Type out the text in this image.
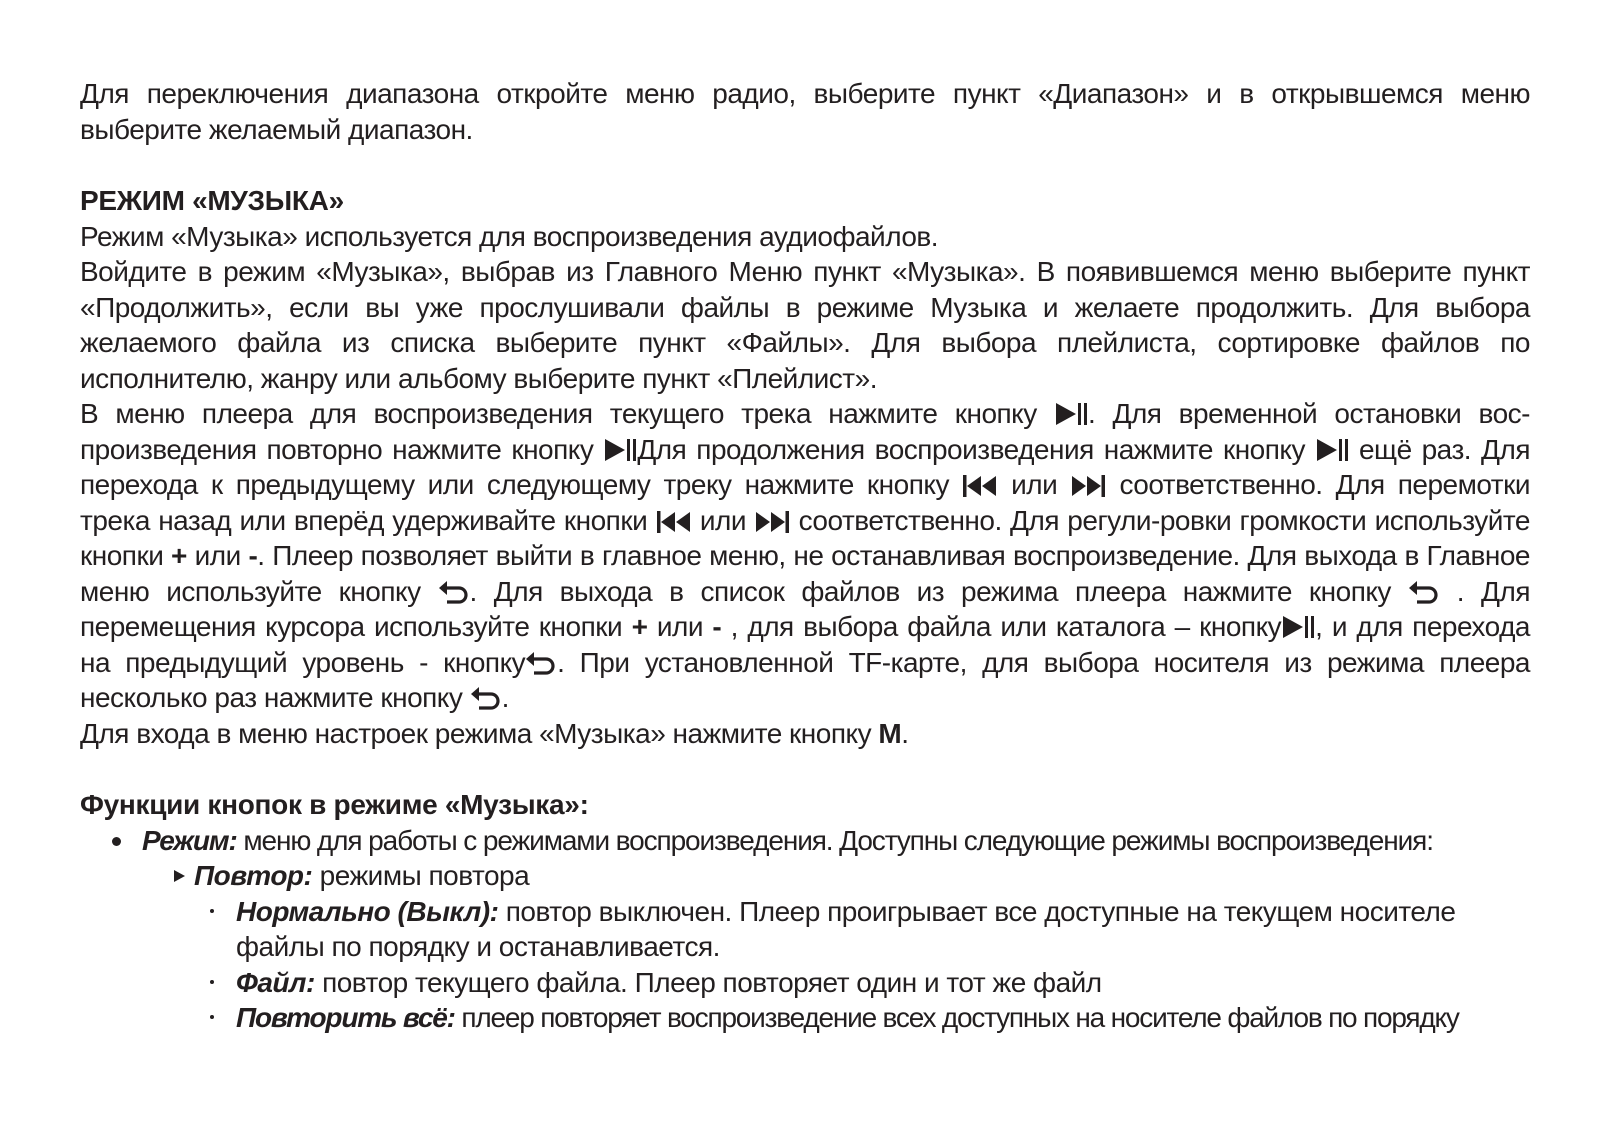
Для переключения диапазона откройте меню радио, выберите пункт «Диапазон» и в открывшемся меню выберите желаемый диапазон.

РЕЖИМ «МУЗЫКА»

Режим «Музыка» используется для воспроизведения аудиофайлов.

Войдите в режим «Музыка», выбрав из Главного Меню пункт «Музыка». В появившемся меню выберите пункт «Продолжить», если вы уже прослушивали файлы в режиме Музыка и желаете продолжить. Для выбора желаемого файла из списка выберите пункт «Файлы». Для выбора плейлиста, сортировке файлов по исполнителю, жанру или альбому выберите пункт «Плейлист».

В меню плеера для воспроизведения текущего трека нажмите кнопку . Для временной остановки вос-произведения повторно нажмите кнопку Для продолжения воспроизведения нажмите кнопку ещё раз. Для перехода к предыдущему или следующему треку нажмите кнопку или соответственно. Для перемотки трека назад или вперёд удерживайте кнопки или соответственно. Для регули-ровки громкости используйте кнопки + или -. Плеер позволяет выйти в главное меню, не останавливая воспроизведение. Для выхода в Главное меню используйте кнопку . Для выхода в список файлов из режима плеера нажмите кнопку . Для перемещения курсора используйте кнопки + или - , для выбора файла или каталога – кнопку , и для перехода на предыдущий уровень - кнопку . При установленной TF-карте, для выбора носителя из режима плеера несколько раз нажмите кнопку .

Для входа в меню настроек режима «Музыка» нажмите кнопку М.

Функции кнопок в режиме «Музыка»:

Режим: меню для работы с режимами воспроизведения. Доступны следующие режимы воспроизведения:
Повтор: режимы повтора
Нормально (Выкл): повтор выключен. Плеер проигрывает все доступные на текущем носителе файлы по порядку и останавливается.
Файл: повтор текущего файла. Плеер повторяет один и тот же файл
Повторить всё: плеер повторяет воспроизведение всех доступных на носителе файлов по порядку
